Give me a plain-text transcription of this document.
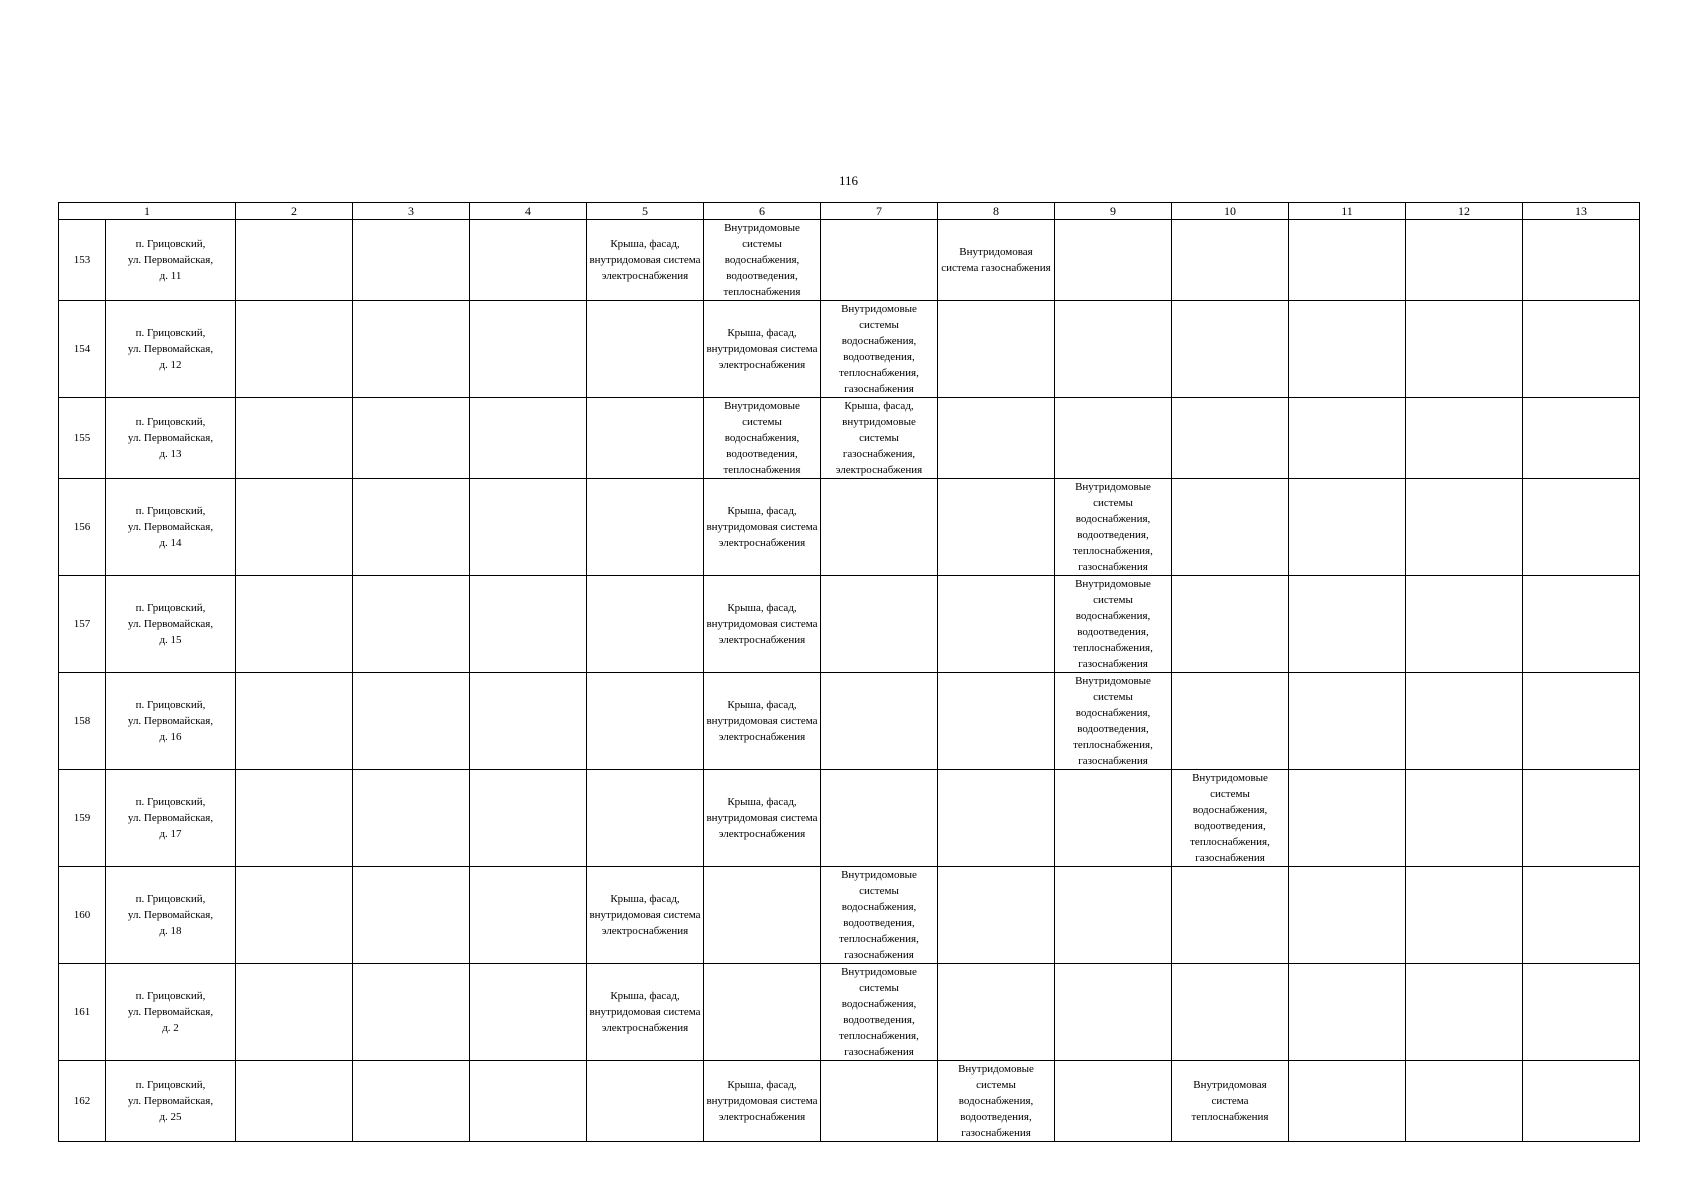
116
1		2	3	4	5	6	7	8	9	10	11	12	13

153	п. Грицовский,
ул. Первомайская,
д. 11				Крыша, фасад, внутридомовая система электроснабжения	Внутридомовые системы водоснабжения, водоотведения, теплоснабжения		Внутридомовая система газоснабжения					

154	п. Грицовский,
ул. Первомайская,
д. 12					Крыша, фасад, внутридомовая система электроснабжения	Внутридомовые системы водоснабжения, водоотведения, теплоснабжения, газоснабжения						

155	п. Грицовский,
ул. Первомайская,
д. 13					Внутридомовые системы водоснабжения, водоотведения, теплоснабжения	Крыша, фасад, внутридомовые системы газоснабжения, электроснабжения						

156	п. Грицовский,
ул. Первомайская,
д. 14					Крыша, фасад, внутридомовая система электроснабжения			Внутридомовые системы водоснабжения, водоотведения, теплоснабжения, газоснабжения				

157	п. Грицовский,
ул. Первомайская,
д. 15					Крыша, фасад, внутридомовая система электроснабжения			Внутридомовые системы водоснабжения, водоотведения, теплоснабжения, газоснабжения				

158	п. Грицовский,
ул. Первомайская,
д. 16					Крыша, фасад, внутридомовая система электроснабжения			Внутридомовые системы водоснабжения, водоотведения, теплоснабжения, газоснабжения				

159	п. Грицовский,
ул. Первомайская,
д. 17					Крыша, фасад, внутридомовая система электроснабжения				Внутридомовые системы водоснабжения, водоотведения, теплоснабжения, газоснабжения			

160	п. Грицовский,
ул. Первомайская,
д. 18				Крыша, фасад, внутридомовая система электроснабжения		Внутридомовые системы водоснабжения, водоотведения, теплоснабжения, газоснабжения						

161	п. Грицовский,
ул. Первомайская,
д. 2				Крыша, фасад, внутридомовая система электроснабжения		Внутридомовые системы водоснабжения, водоотведения, теплоснабжения, газоснабжения						

162	п. Грицовский,
ул. Первомайская,
д. 25					Крыша, фасад, внутридомовая система электроснабжения		Внутридомовые системы водоснабжения, водоотведения, газоснабжения		Внутридомовая система теплоснабжения			
